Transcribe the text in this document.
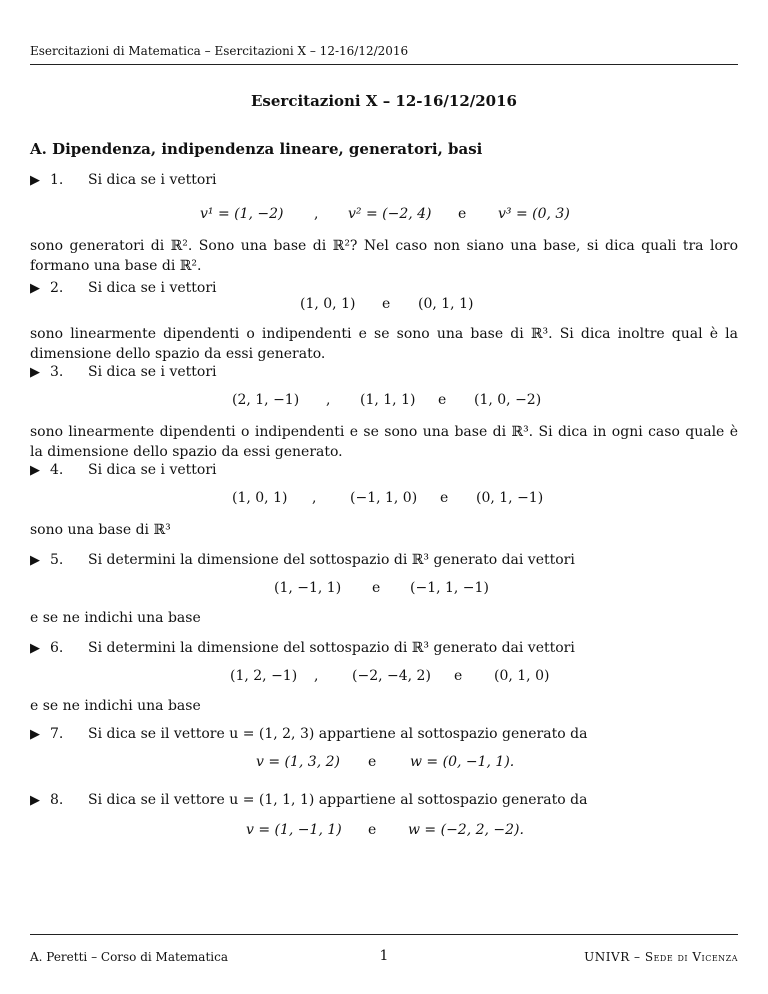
Esercitazioni di Matematica – Esercitazioni X – 12-16/12/2016
Esercitazioni X – 12-16/12/2016
A. Dipendenza, indipendenza lineare, generatori, basi
▶ 1.	Si dica se i vettori
v¹ = (1, −2) , v² = (−2, 4) e v³ = (0, 3)
sono generatori di ℝ². Sono una base di ℝ²? Nel caso non siano una base, si dica quali tra loro formano una base di ℝ².
▶ 2.	Si dica se i vettori
(1, 0, 1) e (0, 1, 1)
sono linearmente dipendenti o indipendenti e se sono una base di ℝ³. Si dica inoltre qual è la dimensione dello spazio da essi generato.
▶ 3.	Si dica se i vettori
(2, 1, −1) , (1, 1, 1) e (1, 0, −2)
sono linearmente dipendenti o indipendenti e se sono una base di ℝ³. Si dica in ogni caso quale è la dimensione dello spazio da essi generato.
▶ 4.	Si dica se i vettori
(1, 0, 1) , (−1, 1, 0) e (0, 1, −1)
sono una base di ℝ³
▶ 5.	Si determini la dimensione del sottospazio di ℝ³ generato dai vettori
(1, −1, 1) e (−1, 1, −1)
e se ne indichi una base
▶ 6.	Si determini la dimensione del sottospazio di ℝ³ generato dai vettori
(1, 2, −1) , (−2, −4, 2) e (0, 1, 0)
e se ne indichi una base
▶ 7.	Si dica se il vettore u = (1, 2, 3) appartiene al sottospazio generato da
v = (1, 3, 2) e w = (0, −1, 1).
▶ 8.	Si dica se il vettore u = (1, 1, 1) appartiene al sottospazio generato da
v = (1, −1, 1) e w = (−2, 2, −2).
A. Peretti – Corso di Matematica	1	UNIVR – Sede di Vicenza
